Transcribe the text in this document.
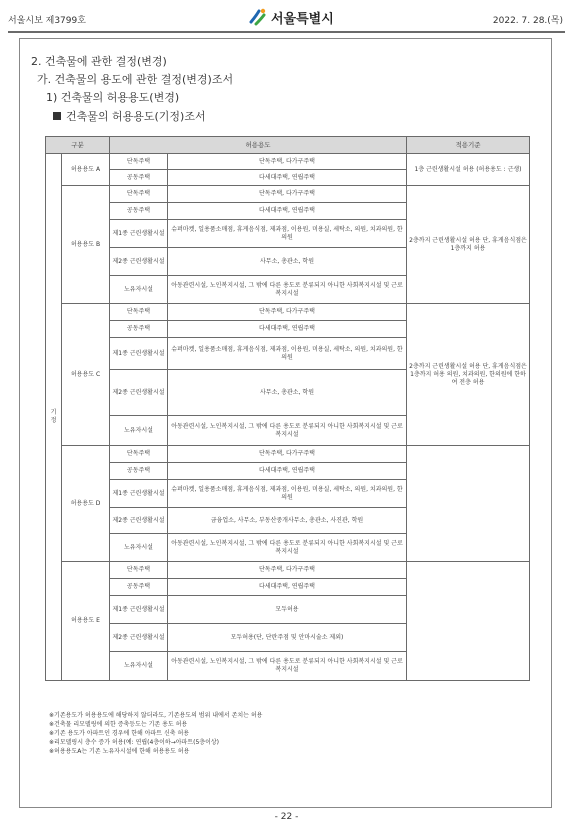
서울시보 제3799호	서울특별시	2022. 7. 28.(목)
2. 건축물에 관한 결정(변경)
가. 건축물의 용도에 관한 결정(변경)조서
1) 건축물의 허용용도(변경)
건축물의 허용용도(기정)조서
구분		허용용도		적용기준
기정	허용용도 A	단독주택	단독주택, 다가구주택	1층 근린생활시설 허용 (허용용도 : 근생)
		공동주택	다세대주택, 연립주택	
	허용용도 B	단독주택	단독주택, 다가구주택	2층까지 근린생활시설 허용 단, 휴게음식점은 1층까지 허용
		공동주택	다세대주택, 연립주택	
		제1종 근린생활시설	슈퍼마켓, 일용품소매점, 휴게음식점, 제과점, 이용원, 미용실, 세탁소, 의원, 치과의원, 한의원	
		제2종 근린생활시설	사무소, 총관소, 학원	
		노유자시설	아동관련시설, 노인복지시설, 그 밖에 다른 용도로 분류되지 아니한 사회복지시설 및 근로복지시설	
	허용용도 C	단독주택	단독주택, 다가구주택	2층까지 근린생활시설 허용 단, 휴게음식점은 1층까지 허용 의원, 치과의원, 한의원에 한하여 전층 허용
		공동주택	다세대주택, 연립주택	
		제1종 근린생활시설	슈퍼마켓, 일용품소매점, 휴게음식점, 제과점, 이용원, 미용실, 세탁소, 의원, 치과의원, 한의원	
		제2종 근린생활시설	사무소, 총관소, 학원	
		노유자시설	아동관련시설, 노인복지시설, 그 밖에 다른 용도로 분류되지 아니한 사회복지시설 및 근로복지시설	
	허용용도 D	단독주택	단독주택, 다가구주택	
		공동주택	다세대주택, 연립주택	
		제1종 근린생활시설	슈퍼마켓, 일용품소매점, 휴게음식점, 제과점, 이용원, 미용실, 세탁소, 의원, 치과의원, 한의원	
		제2종 근린생활시설	금융업소, 사무소, 부동산중개사무소, 총관소, 사진관, 학원	
		노유자시설	아동관련시설, 노인복지시설, 그 밖에 다른 용도로 분류되지 아니한 사회복지시설 및 근로복지시설	
	허용용도 E	단독주택	단독주택, 다가구주택	
		공동주택	다세대주택, 연립주택	
		제1종 근린생활시설	모두허용	
		제2종 근린생활시설	모두허용(단, 단란주점 및 안마시술소 제외)	
		노유자시설	아동관련시설, 노인복지시설, 그 밖에 다른 용도로 분류되지 아니한 사회복지시설 및 근로복지시설	
※기존용도가 허용용도에 해당하지 않더라도, 기존용도의 범위 내에서 존치는 허용
※건축물 리모델링에 의한 증축등도는 기존 용도 허용
※기존 용도가 아파트인 경우에 한해 아파트 신축 허용
※리모델링시 층수 증가 허용(예: 연립(4층이하→아파트(5층이상)
※허용용도A는 기존 노유자시설에 한해 허용용도 허용
- 22 -
